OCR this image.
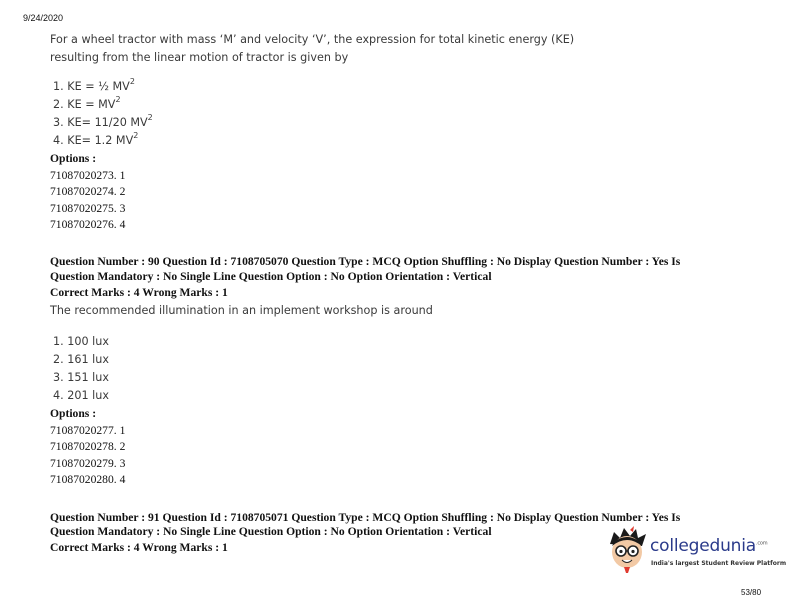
9/24/2020
For a wheel tractor with mass ‘M’ and velocity ‘V’, the expression for total kinetic energy (KE)
resulting from the linear motion of tractor is given by
1. KE = ½ $MV^2$
2. KE = $MV^2$
3. KE= 11/20 $MV^2$
4. KE= 1.2 $MV^2$
Options :
71087020273. 1
71087020274. 2
71087020275. 3
71087020276. 4
Question Number : 90 Question Id : 7108705070 Question Type : MCQ Option Shuffling : No Display Question Number : Yes Is
Question Mandatory : No Single Line Question Option : No Option Orientation : Vertical
Correct Marks : 4 Wrong Marks : 1
The recommended illumination in an implement workshop is around
1. 100 lux
2. 161 lux
3. 151 lux
4. 201 lux
Options :
71087020277. 1
71087020278. 2
71087020279. 3
71087020280. 4
Question Number : 91 Question Id : 7108705071 Question Type : MCQ Option Shuffling : No Display Question Number : Yes Is
Question Mandatory : No Single Line Question Option : No Option Orientation : Vertical
Correct Marks : 4 Wrong Marks : 1	collegedunia$^{.com}$
India's largest Student Review Platform
53/80
